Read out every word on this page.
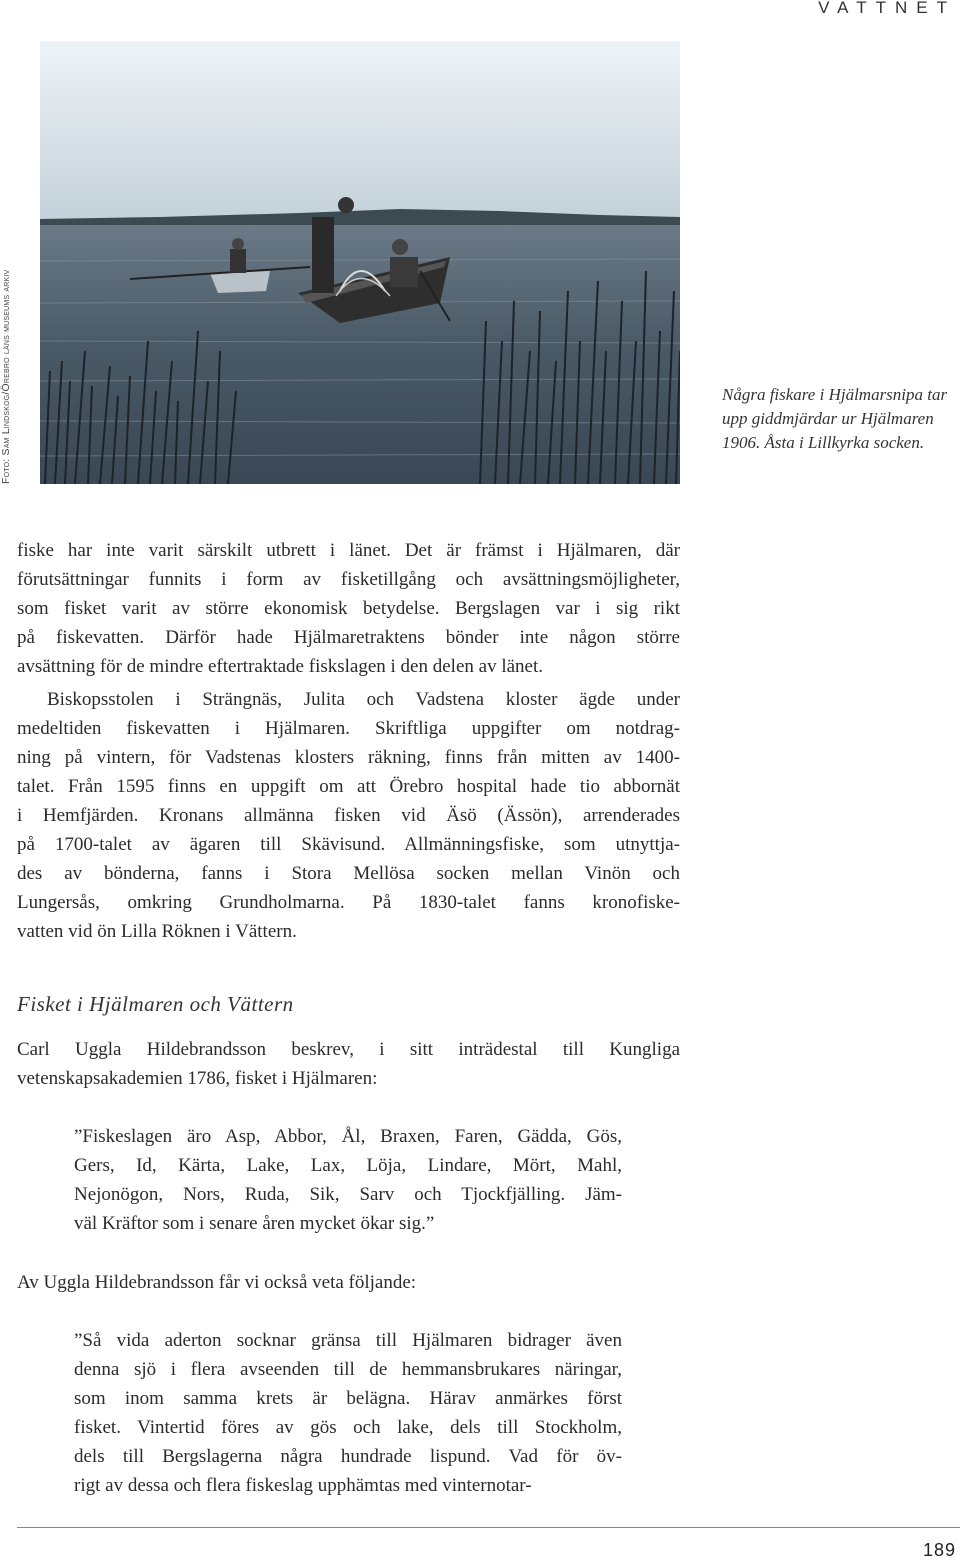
VATTNET
Foto: Sam Lindskog/Örebro läns museums arkiv	Några fiskare i Hjälmarsnipa tar
upp giddmjärdar ur Hjälmaren
1906. Åsta i Lillkyrka socken.
fiske har inte varit särskilt utbrett i länet. Det är främst i Hjälmaren, där
förutsättningar funnits i form av fisketillgång och avsättningsmöjligheter,
som fisket varit av större ekonomisk betydelse. Bergslagen var i sig rikt
på fiskevatten. Därför hade Hjälmaretraktens bönder inte någon större
avsättning för de mindre eftertraktade fiskslagen i den delen av länet.
Biskopsstolen i Strängnäs, Julita och Vadstena kloster ägde under
medeltiden fiskevatten i Hjälmaren. Skriftliga uppgifter om notdrag-
ning på vintern, för Vadstenas klosters räkning, finns från mitten av 1400-
talet. Från 1595 finns en uppgift om att Örebro hospital hade tio abbornät
i Hemfjärden. Kronans allmänna fisken vid Äsö (Ässön), arrenderades
på 1700-talet av ägaren till Skävisund. Allmänningsfiske, som utnyttja-
des av bönderna, fanns i Stora Mellösa socken mellan Vinön och
Lungersås, omkring Grundholmarna. På 1830-talet fanns kronofiske-
vatten vid ön Lilla Röknen i Vättern.
Fisket i Hjälmaren och Vättern
Carl Uggla Hildebrandsson beskrev, i sitt inträdestal till Kungliga
vetenskapsakademien 1786, fisket i Hjälmaren:
”Fiskeslagen äro Asp, Abbor, Ål, Braxen, Faren, Gädda, Gös,
Gers, Id, Kärta, Lake, Lax, Löja, Lindare, Mört, Mahl,
Nejonögon, Nors, Ruda, Sik, Sarv och Tjockfjälling. Jäm-
väl Kräftor som i senare åren mycket ökar sig.”
Av Uggla Hildebrandsson får vi också veta följande:
”Så vida aderton socknar gränsa till Hjälmaren bidrager även
denna sjö i flera avseenden till de hemmansbrukares näringar,
som inom samma krets är belägna. Härav anmärkes först
fisket. Vintertid föres av gös och lake, dels till Stockholm,
dels till Bergslagerna några hundrade lispund. Vad för öv-
rigt av dessa och flera fiskeslag upphämtas med vinternotar-
189
